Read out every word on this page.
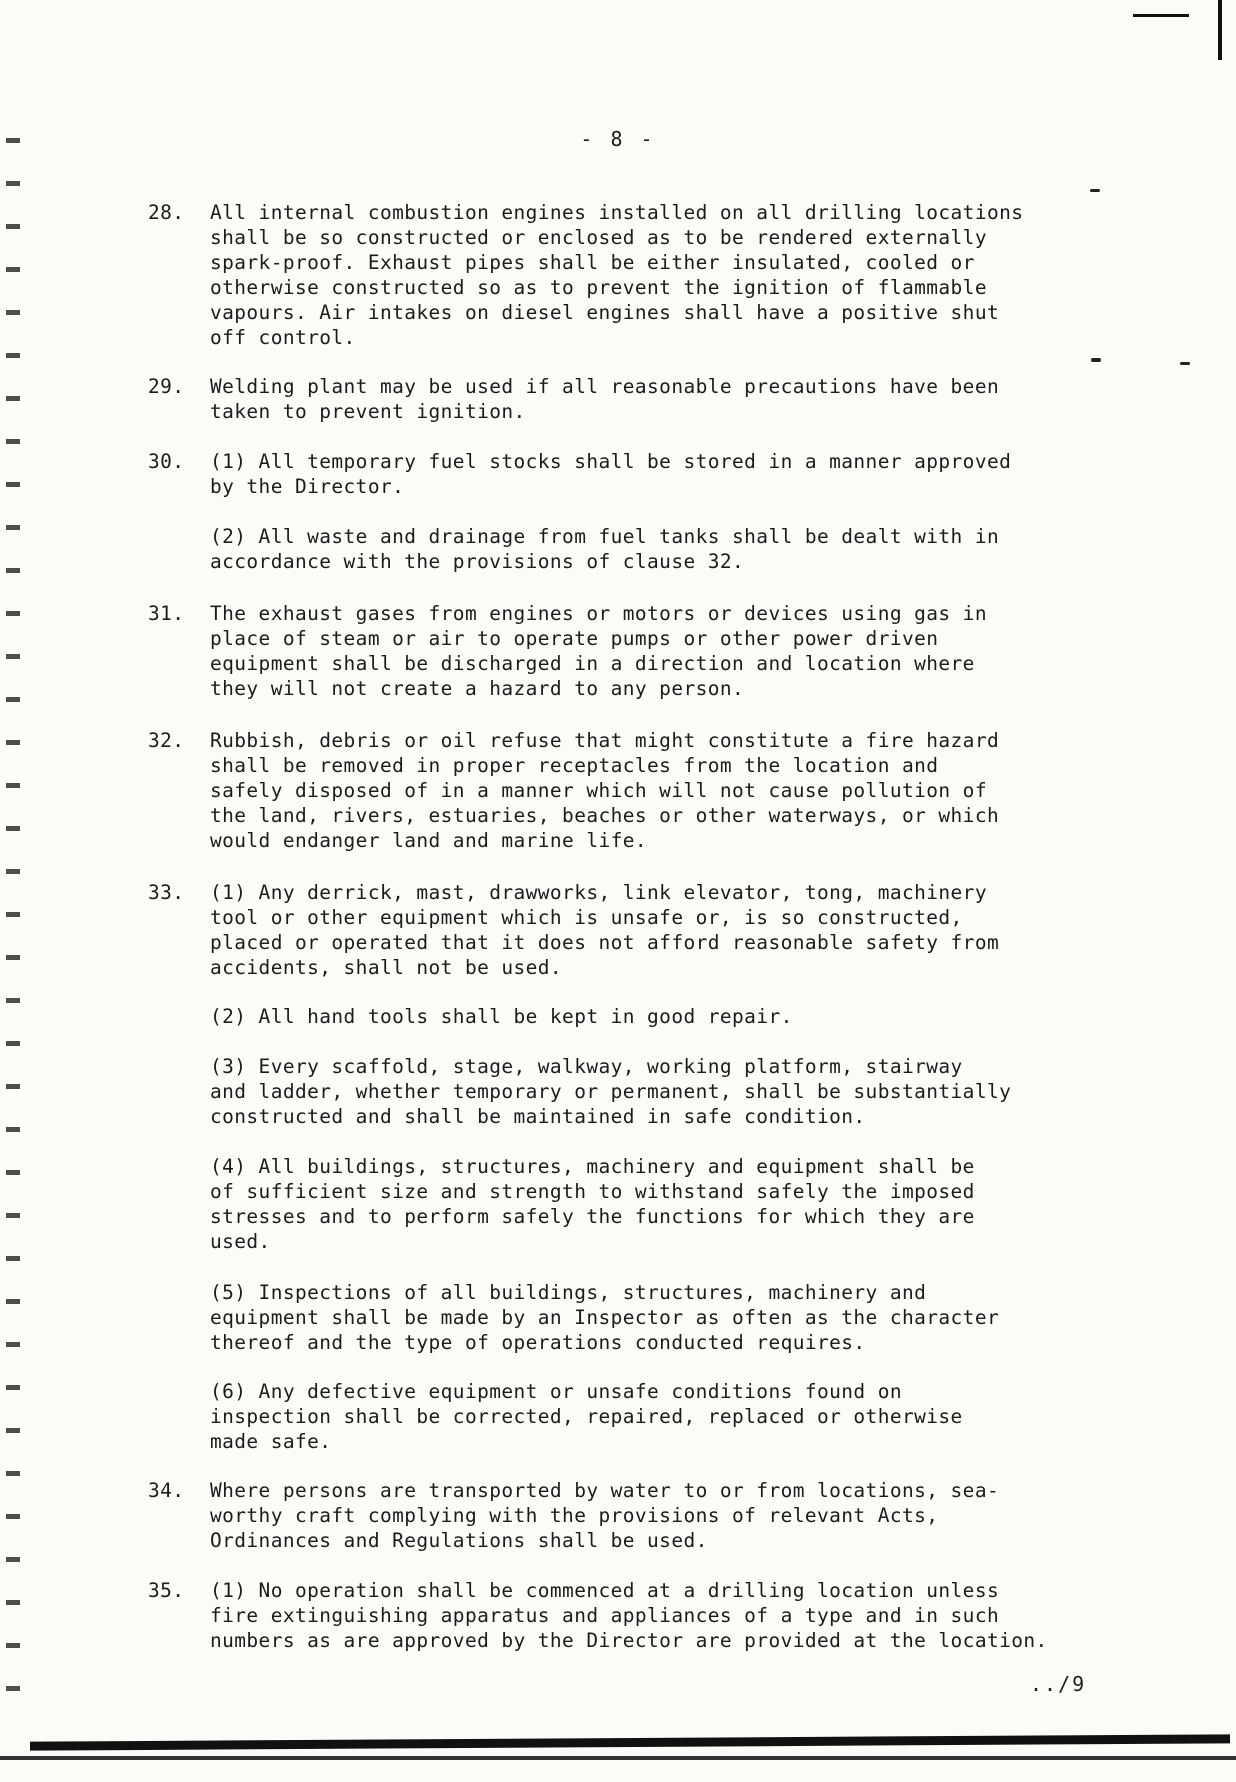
- 8 -
28.	All internal combustion engines installed on all drilling locations
shall be so constructed or enclosed as to be rendered externally
spark-proof. Exhaust pipes shall be either insulated, cooled or
otherwise constructed so as to prevent the ignition of flammable
vapours. Air intakes on diesel engines shall have a positive shut
off control.
29.	Welding plant may be used if all reasonable precautions have been
taken to prevent ignition.
30.	(1) All temporary fuel stocks shall be stored in a manner approved
by the Director.
(2) All waste and drainage from fuel tanks shall be dealt with in
accordance with the provisions of clause 32.
31.	The exhaust gases from engines or motors or devices using gas in
place of steam or air to operate pumps or other power driven
equipment shall be discharged in a direction and location where
they will not create a hazard to any person.
32.	Rubbish, debris or oil refuse that might constitute a fire hazard
shall be removed in proper receptacles from the location and
safely disposed of in a manner which will not cause pollution of
the land, rivers, estuaries, beaches or other waterways, or which
would endanger land and marine life.
33.	(1) Any derrick, mast, drawworks, link elevator, tong, machinery
tool or other equipment which is unsafe or, is so constructed,
placed or operated that it does not afford reasonable safety from
accidents, shall not be used.
(2) All hand tools shall be kept in good repair.
(3) Every scaffold, stage, walkway, working platform, stairway
and ladder, whether temporary or permanent, shall be substantially
constructed and shall be maintained in safe condition.
(4) All buildings, structures, machinery and equipment shall be
of sufficient size and strength to withstand safely the imposed
stresses and to perform safely the functions for which they are
used.
(5) Inspections of all buildings, structures, machinery and
equipment shall be made by an Inspector as often as the character
thereof and the type of operations conducted requires.
(6) Any defective equipment or unsafe conditions found on
inspection shall be corrected, repaired, replaced or otherwise
made safe.
34.	Where persons are transported by water to or from locations, sea-
worthy craft complying with the provisions of relevant Acts,
Ordinances and Regulations shall be used.
35.	(1) No operation shall be commenced at a drilling location unless
fire extinguishing apparatus and appliances of a type and in such
numbers as are approved by the Director are provided at the location.
../9
